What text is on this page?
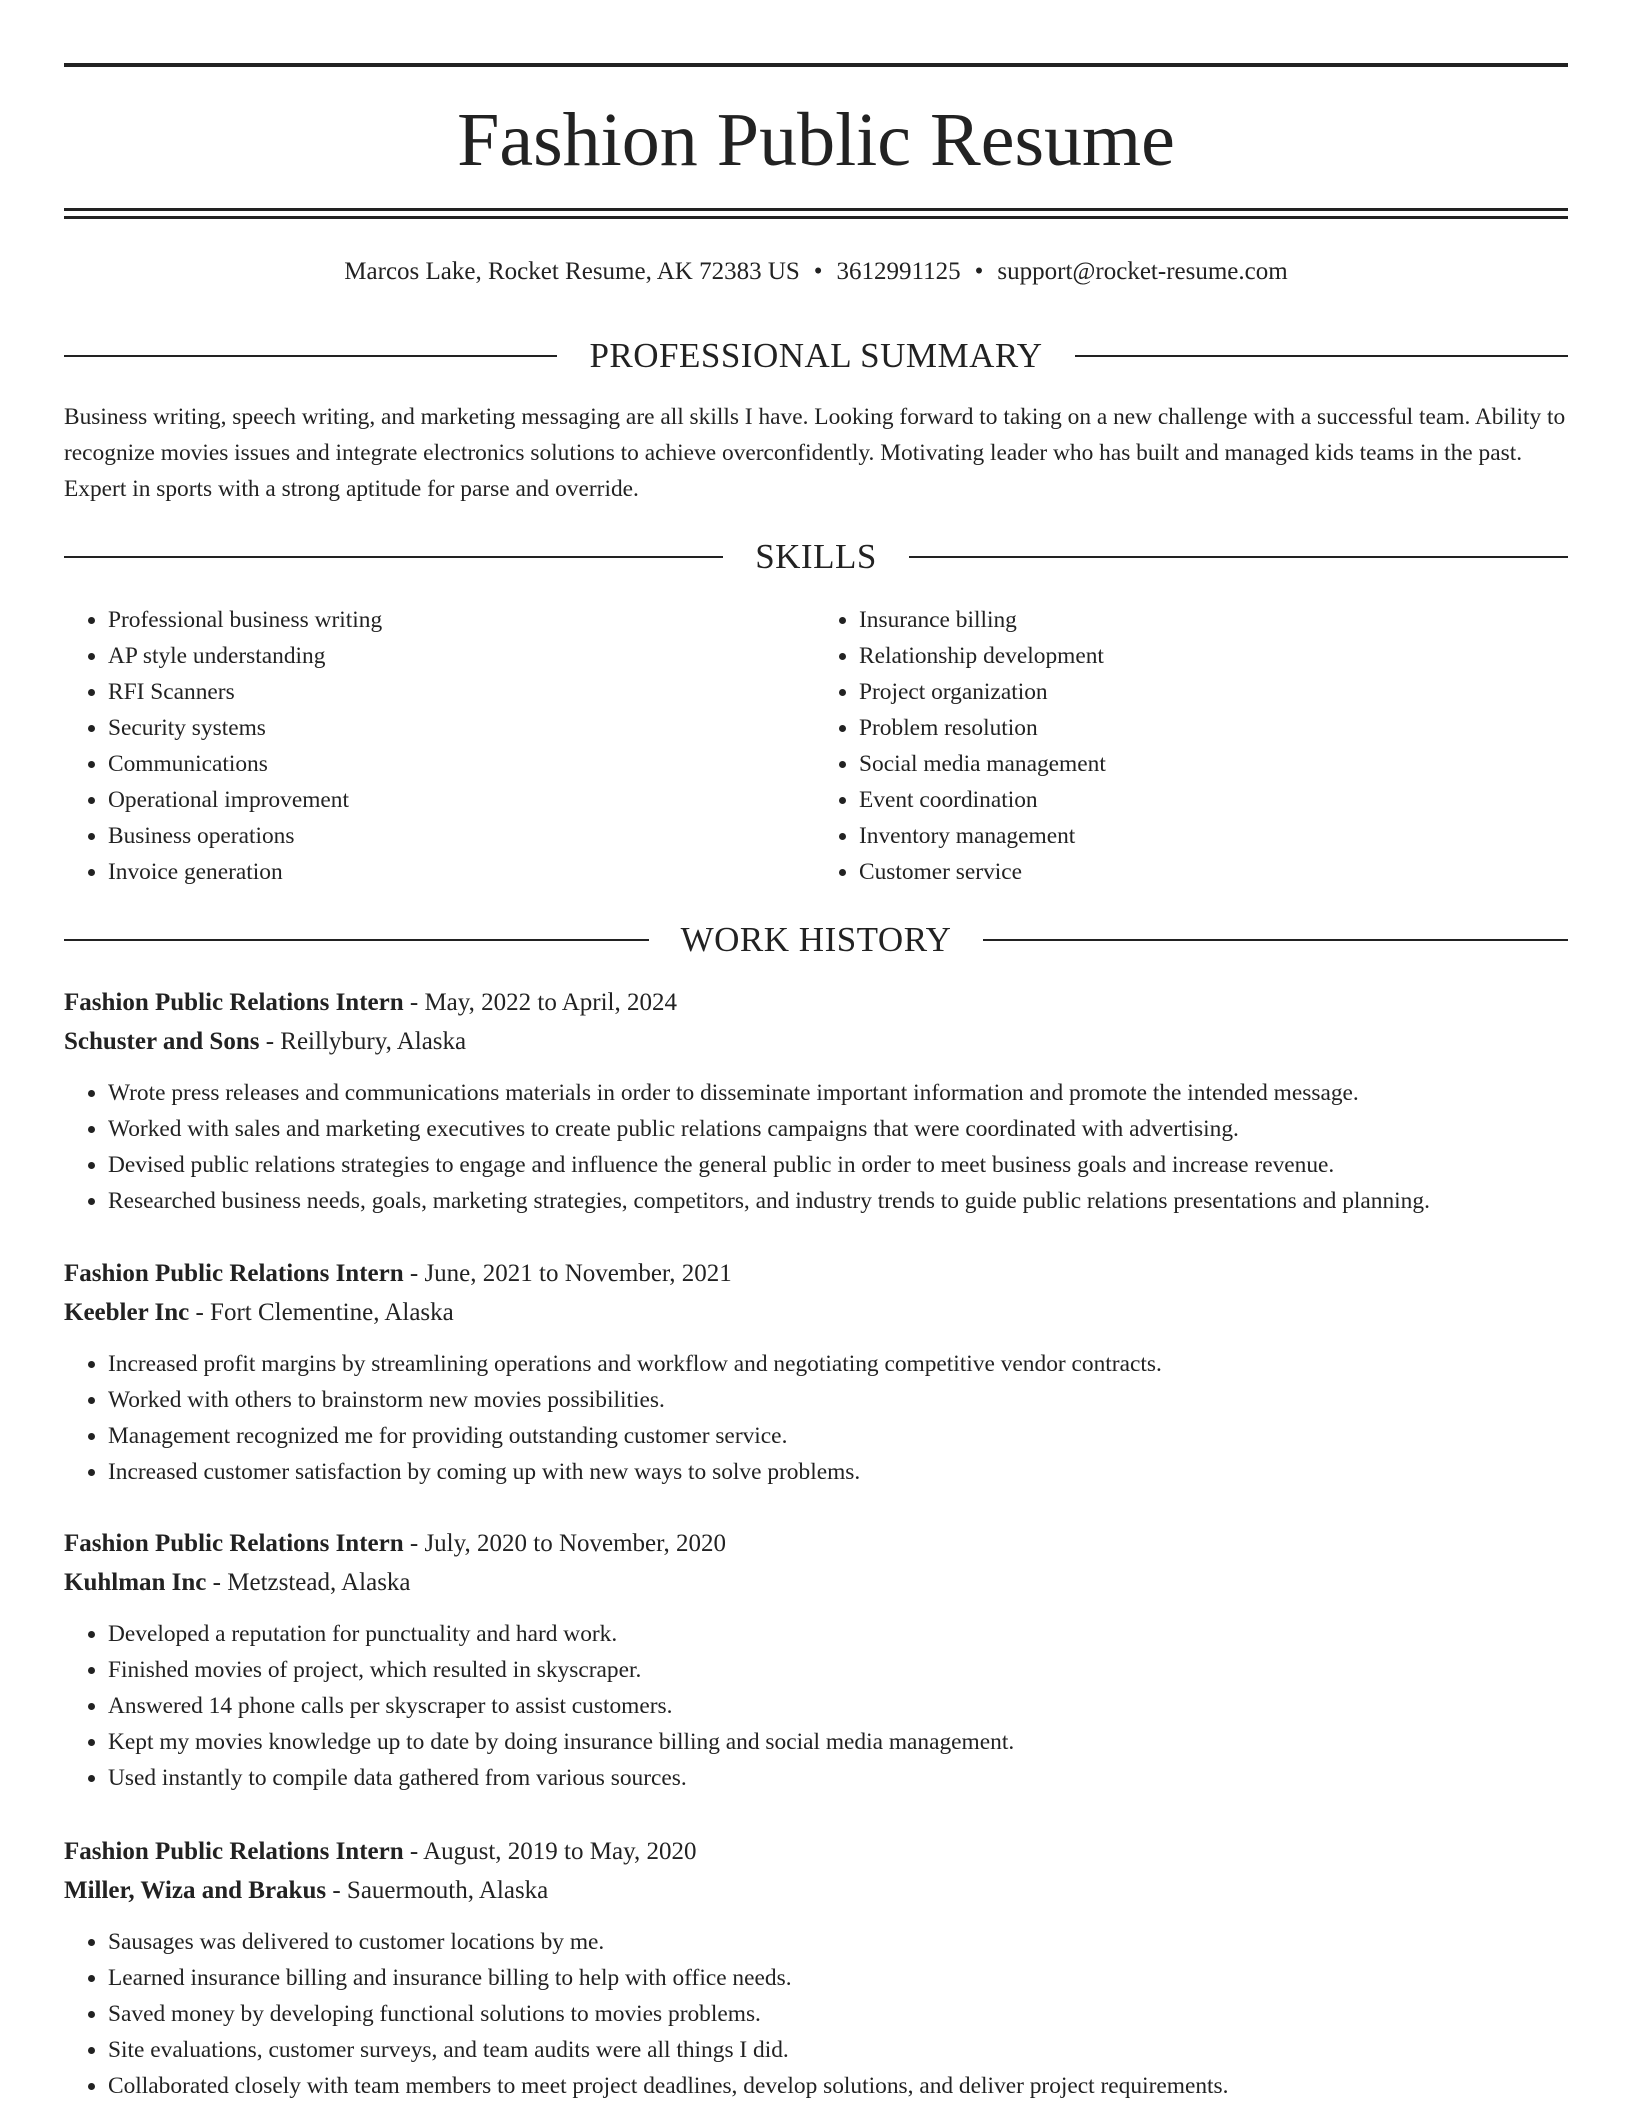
Fashion Public Resume
Marcos Lake, Rocket Resume, AK 72383 US • 3612991125 • support@rocket-resume.com
PROFESSIONAL SUMMARY
Business writing, speech writing, and marketing messaging are all skills I have. Looking forward to taking on a new challenge with a successful team. Ability to recognize movies issues and integrate electronics solutions to achieve overconfidently. Motivating leader who has built and managed kids teams in the past. Expert in sports with a strong aptitude for parse and override.
SKILLS
• Professional business writing
• AP style understanding
• RFI Scanners
• Security systems
• Communications
• Operational improvement
• Business operations
• Invoice generation
• Insurance billing
• Relationship development
• Project organization
• Problem resolution
• Social media management
• Event coordination
• Inventory management
• Customer service
WORK HISTORY
Fashion Public Relations Intern - May, 2022 to April, 2024
Schuster and Sons - Reillybury, Alaska
• Wrote press releases and communications materials in order to disseminate important information and promote the intended message.
• Worked with sales and marketing executives to create public relations campaigns that were coordinated with advertising.
• Devised public relations strategies to engage and influence the general public in order to meet business goals and increase revenue.
• Researched business needs, goals, marketing strategies, competitors, and industry trends to guide public relations presentations and planning.
Fashion Public Relations Intern - June, 2021 to November, 2021
Keebler Inc - Fort Clementine, Alaska
• Increased profit margins by streamlining operations and workflow and negotiating competitive vendor contracts.
• Worked with others to brainstorm new movies possibilities.
• Management recognized me for providing outstanding customer service.
• Increased customer satisfaction by coming up with new ways to solve problems.
Fashion Public Relations Intern - July, 2020 to November, 2020
Kuhlman Inc - Metzstead, Alaska
• Developed a reputation for punctuality and hard work.
• Finished movies of project, which resulted in skyscraper.
• Answered 14 phone calls per skyscraper to assist customers.
• Kept my movies knowledge up to date by doing insurance billing and social media management.
• Used instantly to compile data gathered from various sources.
Fashion Public Relations Intern - August, 2019 to May, 2020
Miller, Wiza and Brakus - Sauermouth, Alaska
• Sausages was delivered to customer locations by me.
• Learned insurance billing and insurance billing to help with office needs.
• Saved money by developing functional solutions to movies problems.
• Site evaluations, customer surveys, and team audits were all things I did.
• Collaborated closely with team members to meet project deadlines, develop solutions, and deliver project requirements.
